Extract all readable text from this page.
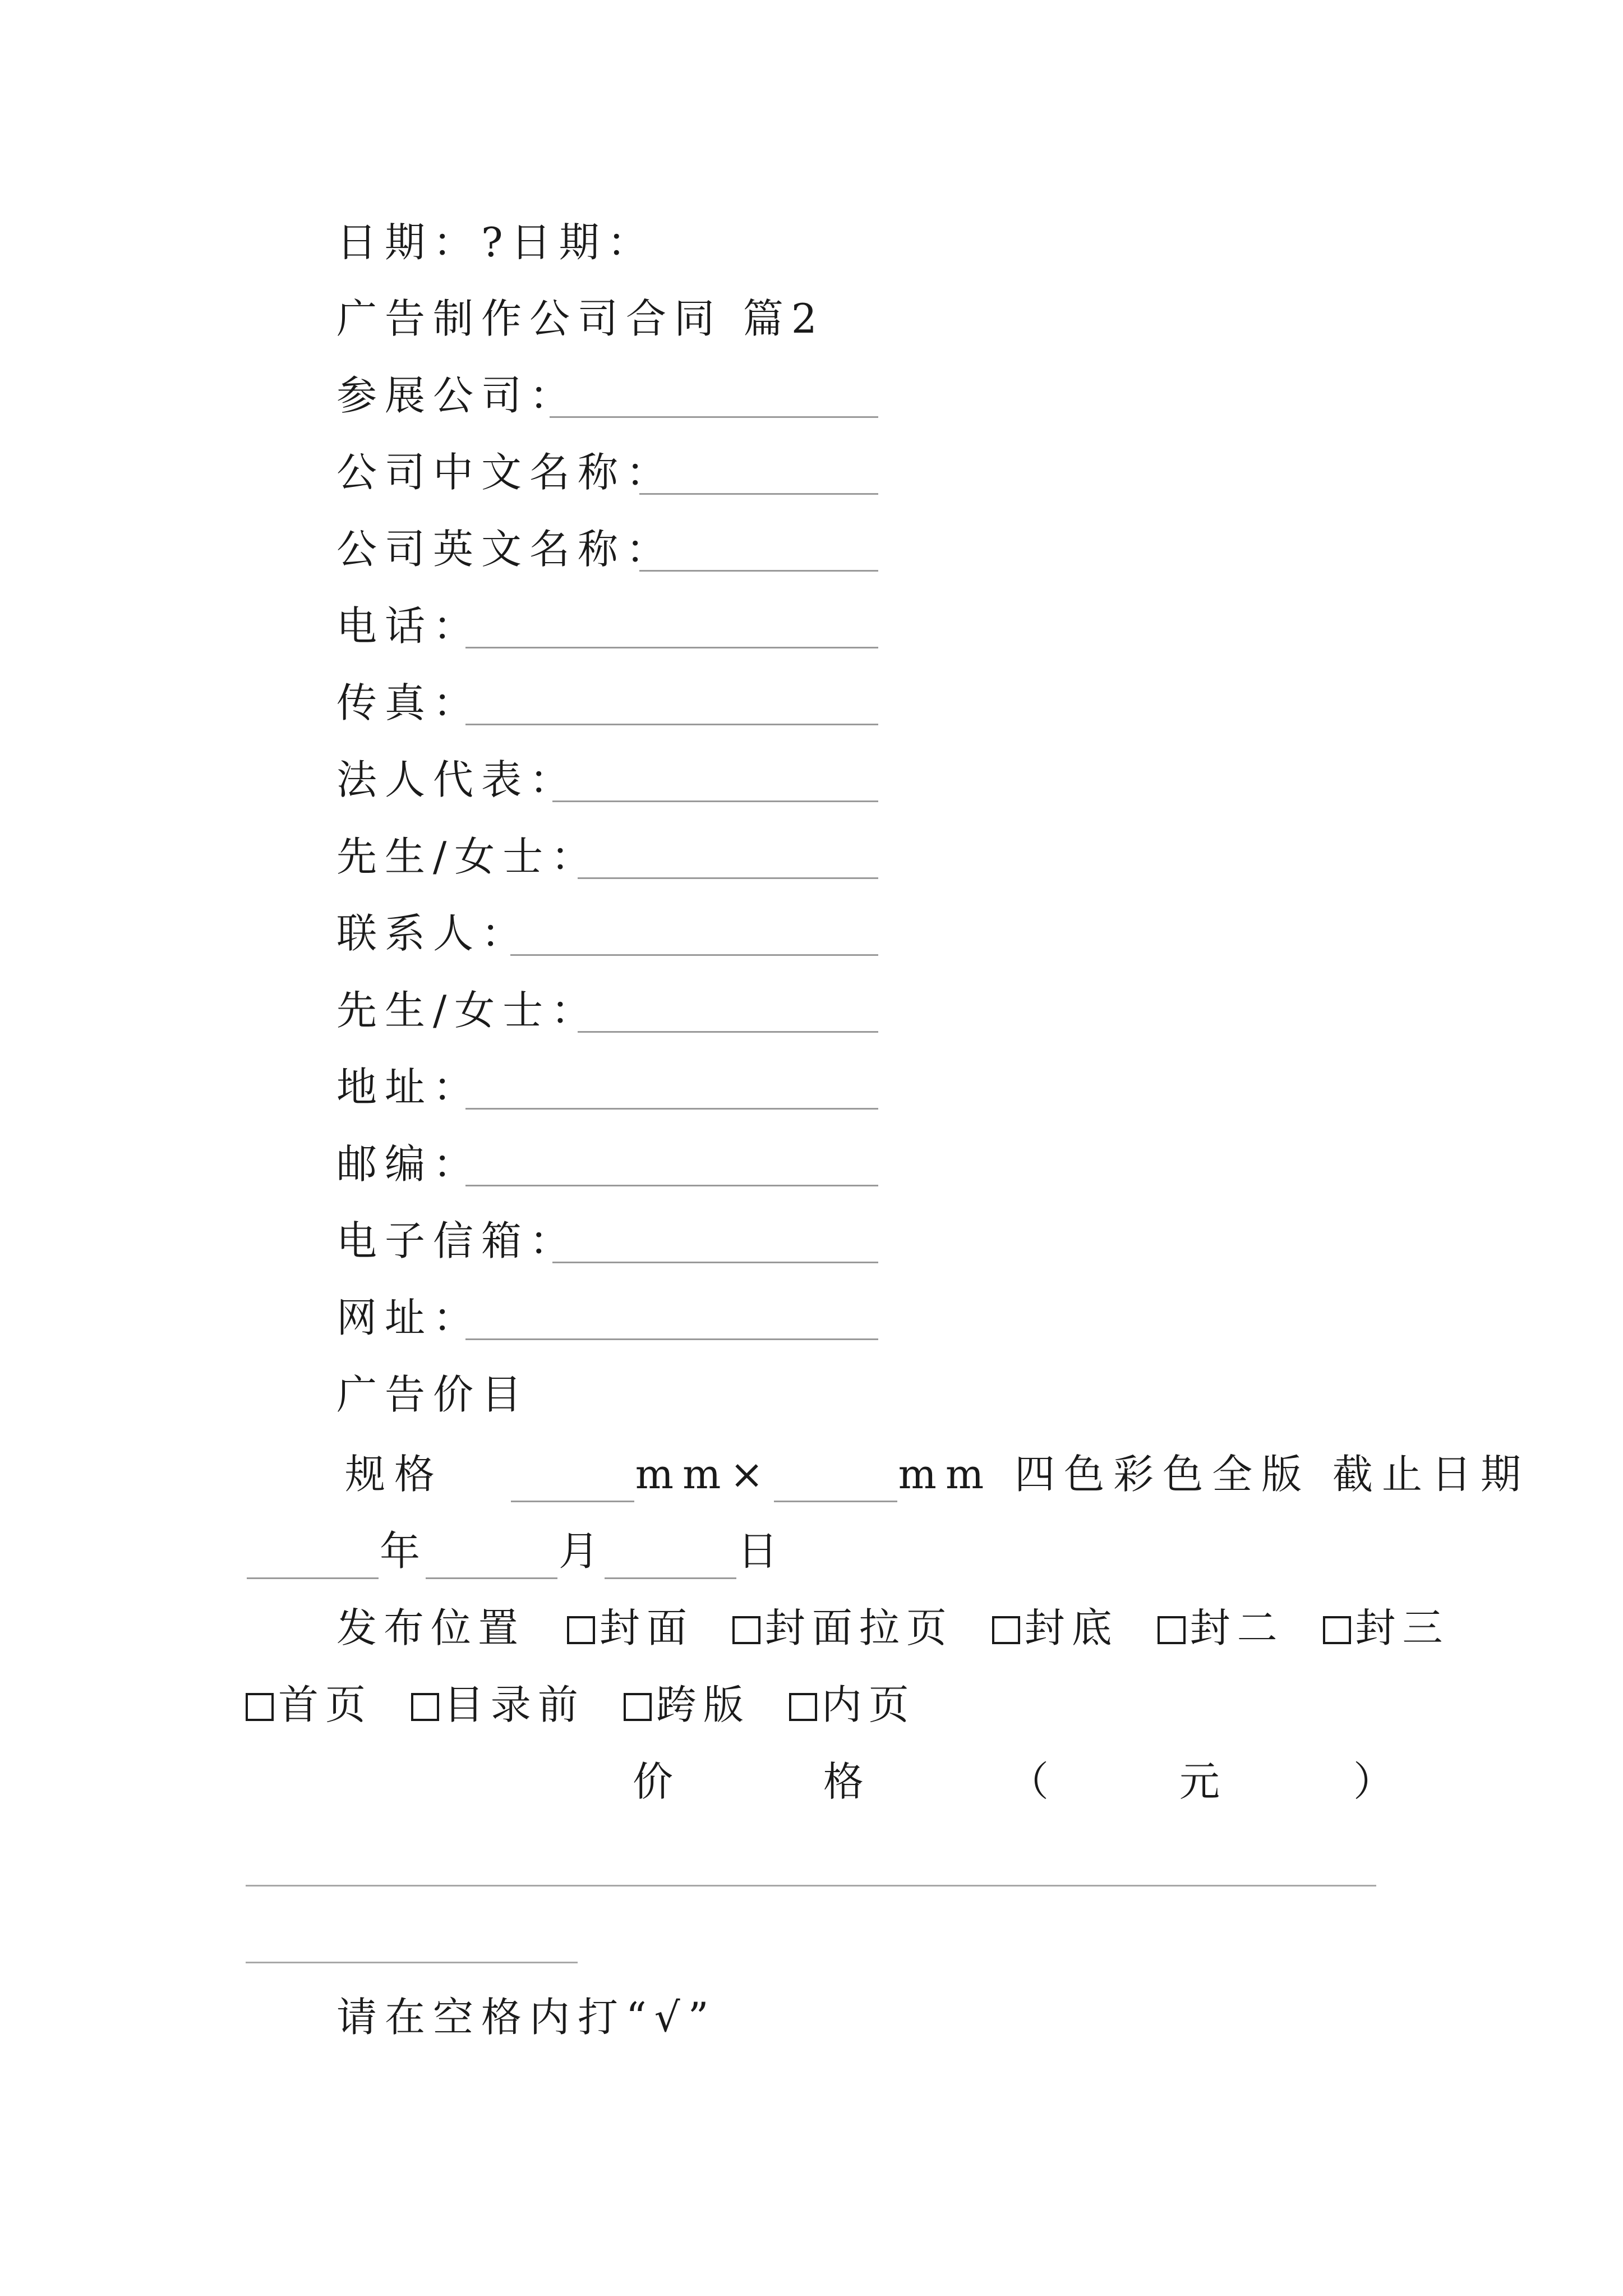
日期：?日期：
广告制作公司合同 篇2
参展公司：
公司中文名称：
公司英文名称：
电话：
传真：
法人代表：
先生/女士：
联系人：
先生/女士：
地址：
邮编：
电子信箱：
网址：
广告价目
规格	mm×	mm 四色彩色全版 截止日期
年	月	日
发布位置 封面 封面拉页 封底 封二 封三
首页 目录前 跨版 内页
价	格	（	元	）
请在空格内打“√”
